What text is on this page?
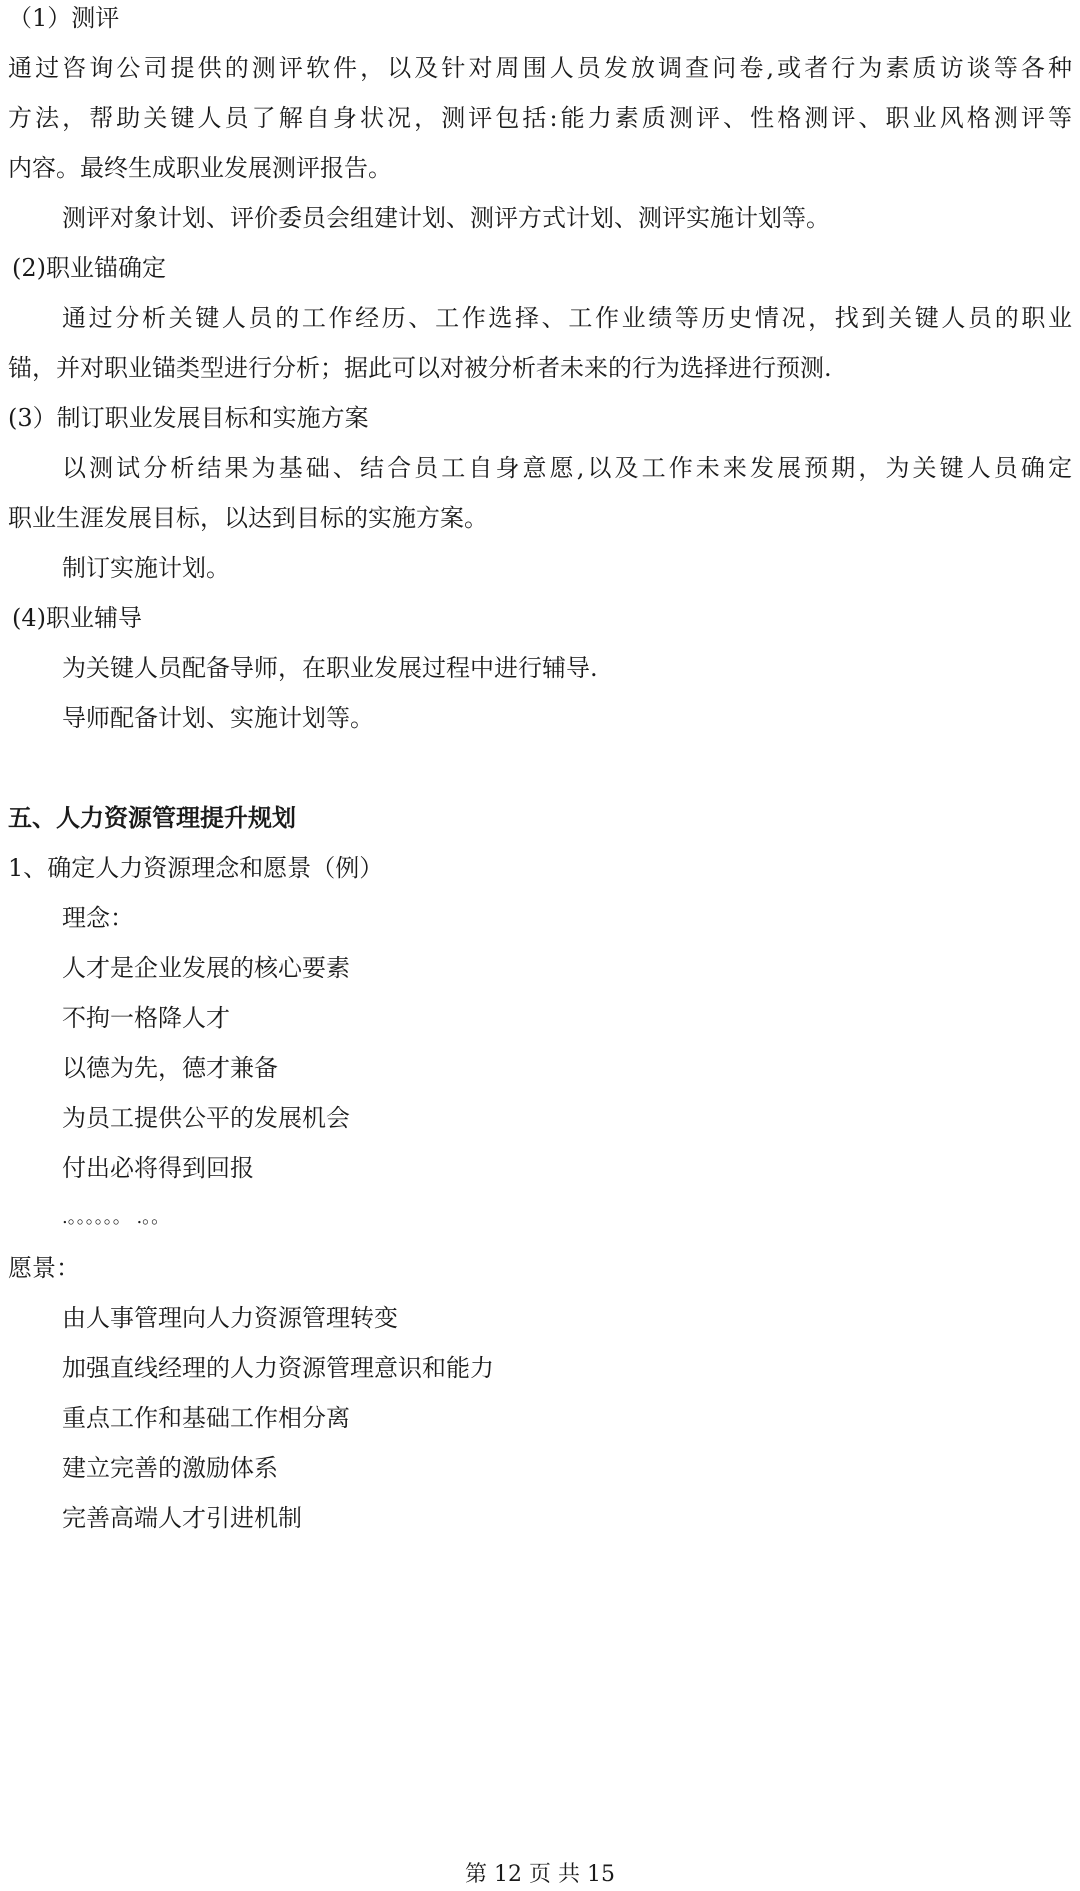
（1）测评
通过咨询公司提供的测评软件，以及针对周围人员发放调查问卷,或者行为素质访谈等各种
方法，帮助关键人员了解自身状况，测评包括:能力素质测评、性格测评、职业风格测评等
内容。最终生成职业发展测评报告。
测评对象计划、评价委员会组建计划、测评方式计划、测评实施计划等。
(2)职业锚确定
通过分析关键人员的工作经历、工作选择、工作业绩等历史情况，找到关键人员的职业
锚，并对职业锚类型进行分析；据此可以对被分析者未来的行为选择进行预测.
(3）制订职业发展目标和实施方案
以测试分析结果为基础、结合员工自身意愿,以及工作未来发展预期，为关键人员确定
职业生涯发展目标，以达到目标的实施方案。
制订实施计划。
(4)职业辅导
为关键人员配备导师，在职业发展过程中进行辅导.
导师配备计划、实施计划等。
五、人力资源管理提升规划
1、确定人力资源理念和愿景（例）
理念：
人才是企业发展的核心要素
不拘一格降人才
以德为先，德才兼备
为员工提供公平的发展机会
付出必将得到回报
.。。。。。。 .。。
愿景：
由人事管理向人力资源管理转变
加强直线经理的人力资源管理意识和能力
重点工作和基础工作相分离
建立完善的激励体系
完善高端人才引进机制
第 12 页 共 15
